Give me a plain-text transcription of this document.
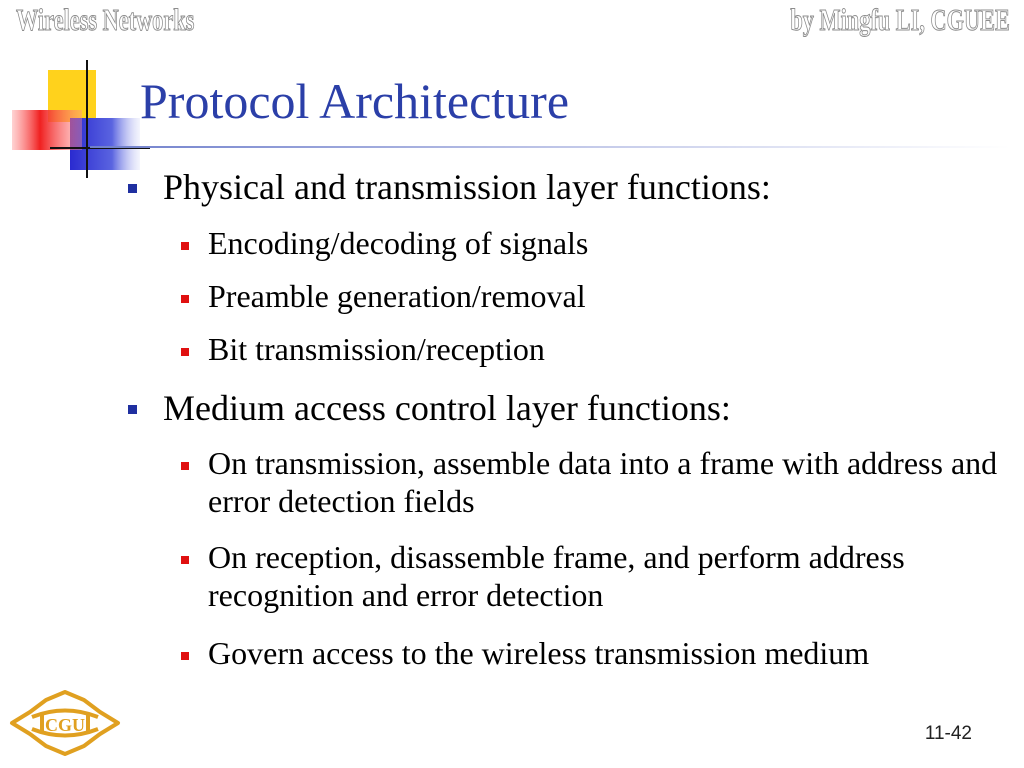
Wireless Networks	by Mingfu LI, CGUEE
Protocol Architecture
Physical and transmission layer functions:
Encoding/decoding of signals
Preamble generation/removal
Bit transmission/reception
Medium access control layer functions:
On transmission, assemble data into a frame with address and error detection fields
On reception, disassemble frame, and perform address recognition and error detection
Govern access to the wireless transmission medium
CGU	11-42
